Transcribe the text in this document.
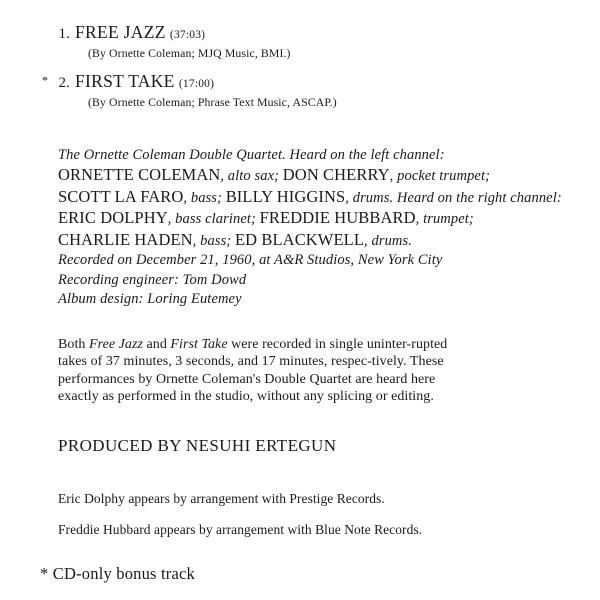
1. FREE JAZZ (37:03)
(By Ornette Coleman; MJQ Music, BMI.)
* 2. FIRST TAKE (17:00)
(By Ornette Coleman; Phrase Text Music, ASCAP.)
The Ornette Coleman Double Quartet. Heard on the left channel:
ORNETTE COLEMAN, alto sax; DON CHERRY, pocket trumpet;
SCOTT LA FARO, bass; BILLY HIGGINS, drums. Heard on the right channel:
ERIC DOLPHY, bass clarinet; FREDDIE HUBBARD, trumpet;
CHARLIE HADEN, bass; ED BLACKWELL, drums.
Recorded on December 21, 1960, at A&R Studios, New York City
Recording engineer: Tom Dowd
Album design: Loring Eutemey

Both Free Jazz and First Take were recorded in single uninter-rupted takes of 37 minutes, 3 seconds, and 17 minutes, respec-tively. These performances by Ornette Coleman's Double Quartet are heard here exactly as performed in the studio, without any splicing or editing.

PRODUCED BY NESUHI ERTEGUN

Eric Dolphy appears by arrangement with Prestige Records.

Freddie Hubbard appears by arrangement with Blue Note Records.

* CD-only bonus track
